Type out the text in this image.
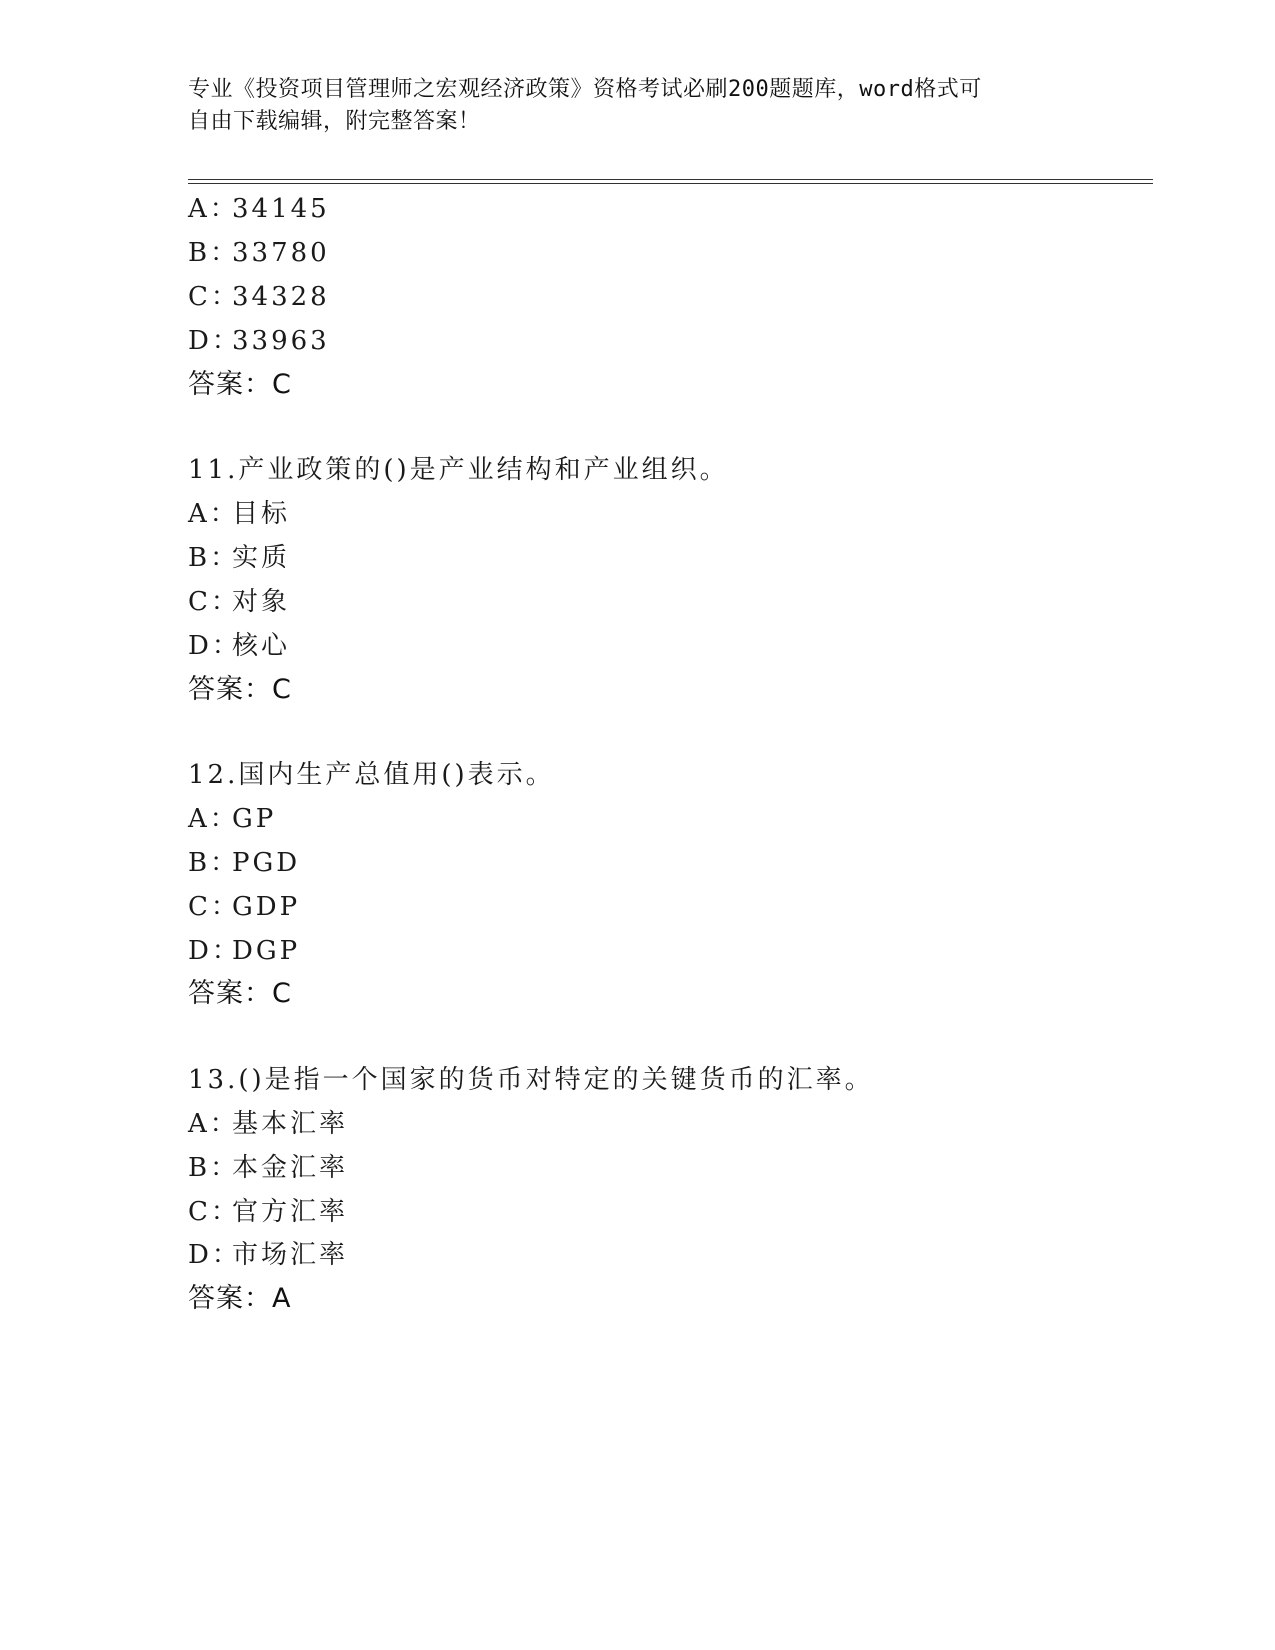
专业《投资项目管理师之宏观经济政策》资格考试必刷200题题库，word格式可
自由下载编辑，附完整答案！
A：34145
B：33780
C：34328
D：33963
答案：C
11.产业政策的()是产业结构和产业组织。
A：目标
B：实质
C：对象
D：核心
答案：C
12.国内生产总值用()表示。
A：GP
B：PGD
C：GDP
D：DGP
答案：C
13.()是指一个国家的货币对特定的关键货币的汇率。
A：基本汇率
B：本金汇率
C：官方汇率
D：市场汇率
答案：A
